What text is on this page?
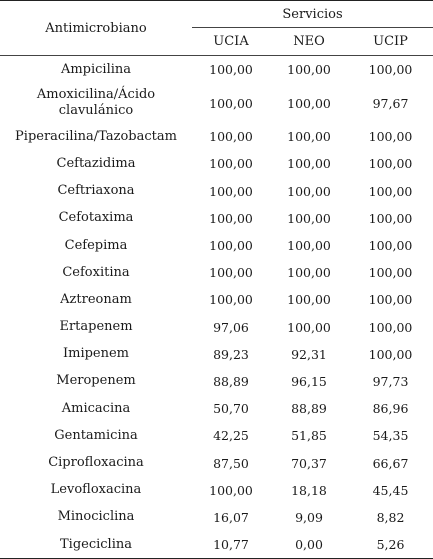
Antimicrobiano	Servicios		
	UCIA	NEO	UCIP
Ampicilina	100,00	100,00	100,00
Amoxicilina/Ácido clavulánico	100,00	100,00	97,67
Piperacilina/Tazobactam	100,00	100,00	100,00
Ceftazidima	100,00	100,00	100,00
Ceftriaxona	100,00	100,00	100,00
Cefotaxima	100,00	100,00	100,00
Cefepima	100,00	100,00	100,00
Cefoxitina	100,00	100,00	100,00
Aztreonam	100,00	100,00	100,00
Ertapenem	97,06	100,00	100,00
Imipenem	89,23	92,31	100,00
Meropenem	88,89	96,15	97,73
Amicacina	50,70	88,89	86,96
Gentamicina	42,25	51,85	54,35
Ciprofloxacina	87,50	70,37	66,67
Levofloxacina	100,00	18,18	45,45
Minociclina	16,07	9,09	8,82
Tigeciclina	10,77	0,00	5,26
